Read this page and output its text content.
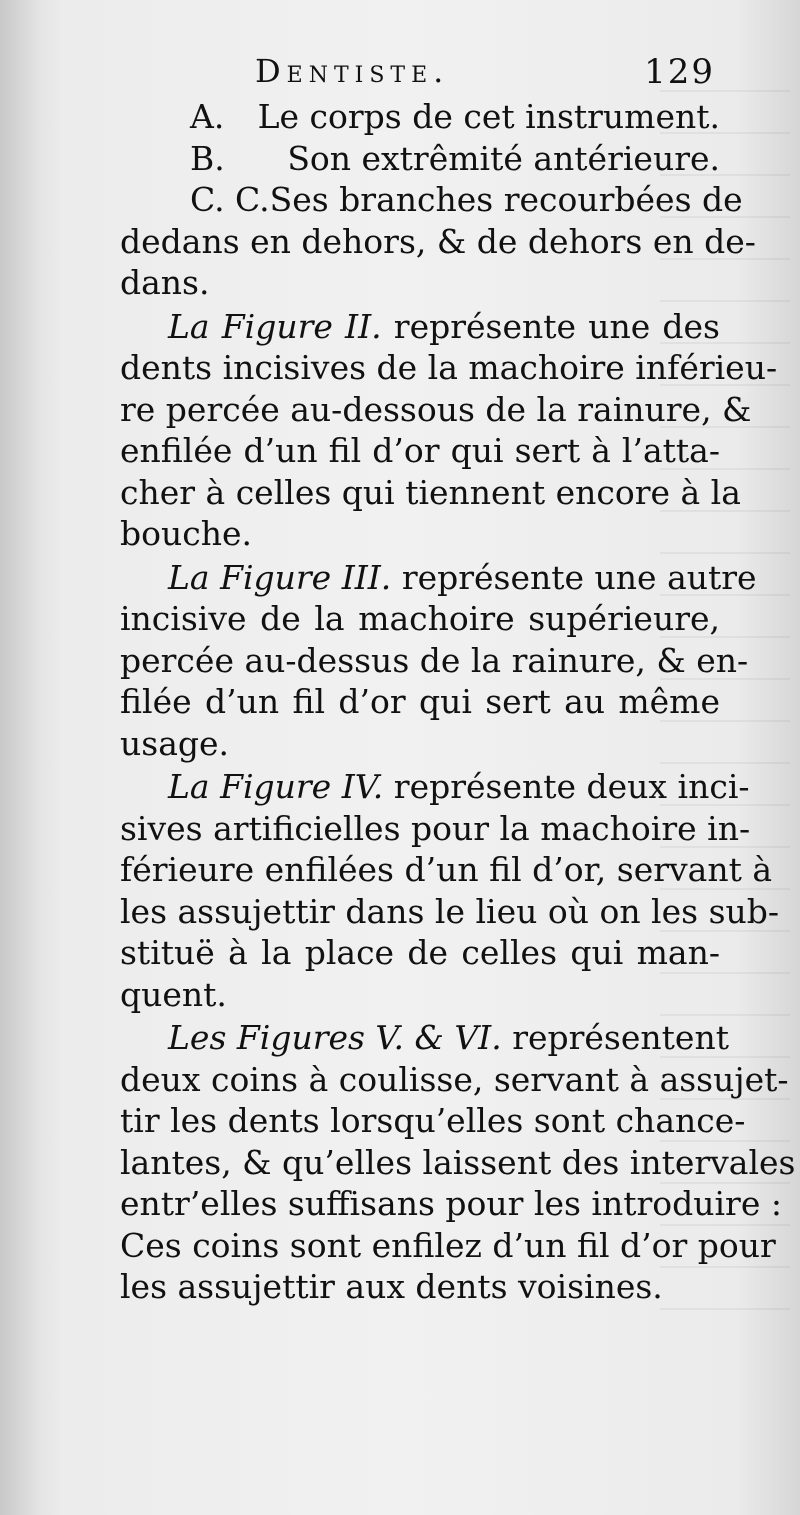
Dentiste.	129
A.	Le corps de cet instrument.
B.	Son extrêmité antérieure.
C. C. Ses branches recourbées de
dedans en dehors, & de dehors en de-
dans.
La Figure II. représente une des
dents incisives de la machoire inférieu-
re percée au-dessous de la rainure, &
enfilée d’un fil d’or qui sert à l’atta-
cher à celles qui tiennent encore à la
bouche.
La Figure III. représente une autre
incisive de la machoire supérieure,
percée au-dessus de la rainure, & en-
filée d’un fil d’or qui sert au même
usage.
La Figure IV. représente deux inci-
sives artificielles pour la machoire in-
férieure enfilées d’un fil d’or, servant à
les assujettir dans le lieu où on les sub-
stituë à la place de celles qui man-
quent.
Les Figures V. & VI. représentent
deux coins à coulisse, servant à assujet-
tir les dents lorsqu’elles sont chance-
lantes, & qu’elles laissent des intervales
entr’elles suffisans pour les introduire :
Ces coins sont enfilez d’un fil d’or pour
les assujettir aux dents voisines.
